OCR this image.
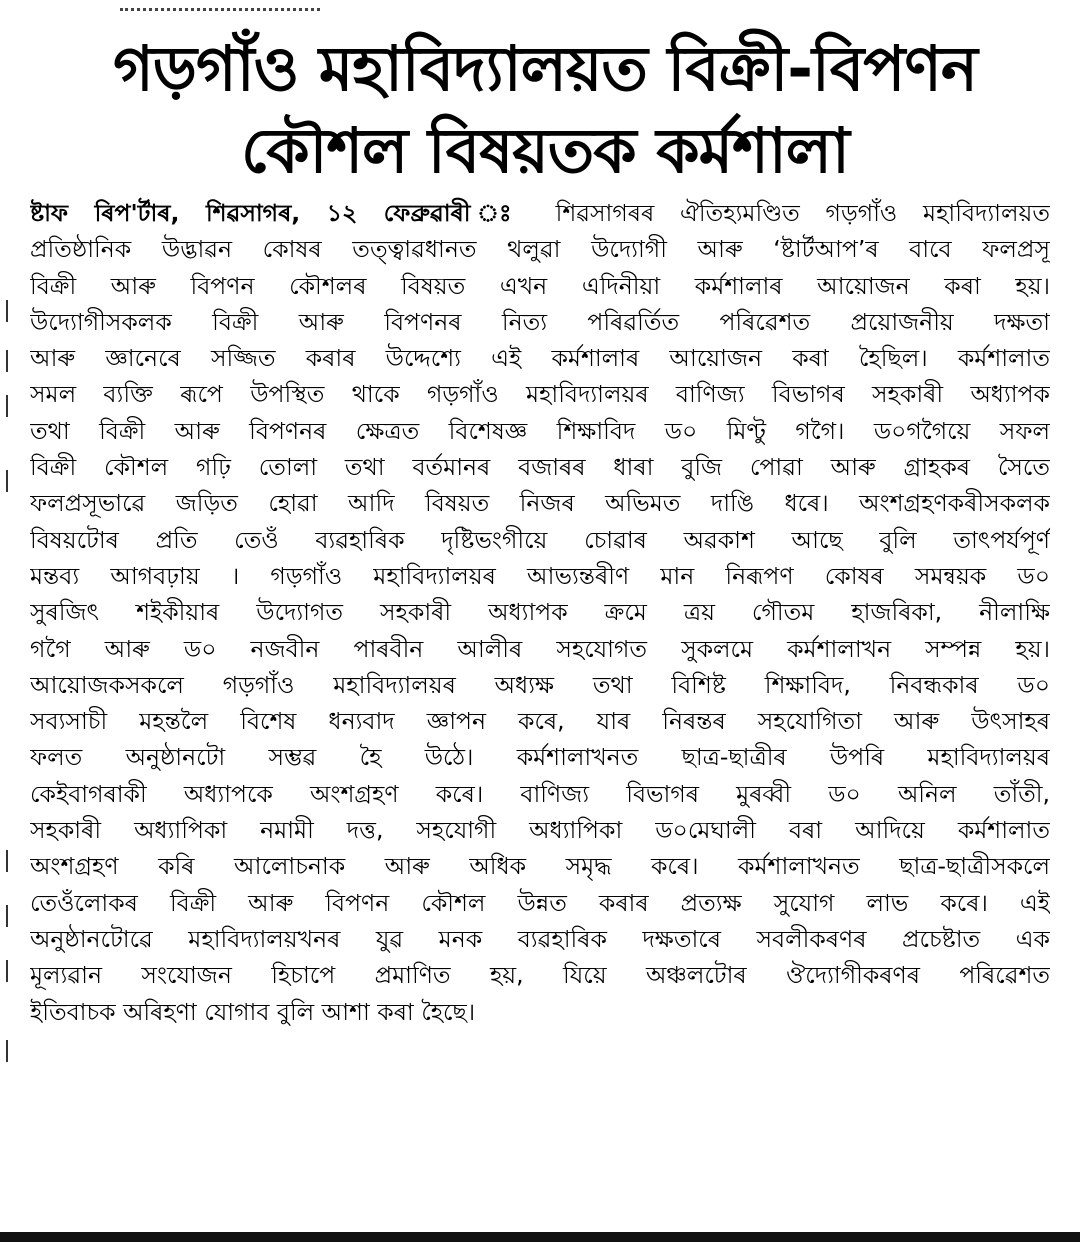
গড়গাঁও মহাবিদ্যালয়ত বিক্ৰী-বিপণন
কৌশল বিষয়তক কৰ্মশালা
ষ্টাফ ৰিপ'ৰ্টাৰ, শিৱসাগৰ, ১২ ফেব্ৰুৱাৰী ঃ শিৱসাগৰৰ ঐতিহ্যমণ্ডিত গড়গাঁও মহাবিদ্যালয়ত
প্ৰতিষ্ঠানিক উদ্ভাৱন কোষৰ তত্ত্বাৱধানত থলুৱা উদ্যোগী আৰু ‘ষ্টাৰ্টআপ’ৰ বাবে ফলপ্ৰসূ
বিক্ৰী আৰু বিপণন কৌশলৰ বিষয়ত এখন এদিনীয়া কৰ্মশালাৰ আয়োজন কৰা হয়।
উদ্যোগীসকলক বিক্ৰী আৰু বিপণনৰ নিত্য পৰিৱৰ্তিত পৰিৱেশত প্ৰয়োজনীয় দক্ষতা
আৰু জ্ঞানেৰে সজ্জিত কৰাৰ উদ্দেশ্যে এই কৰ্মশালাৰ আয়োজন কৰা হৈছিল। কৰ্মশালাত
সমল ব্যক্তি ৰূপে উপস্থিত থাকে গড়গাঁও মহাবিদ্যালয়ৰ বাণিজ্য বিভাগৰ সহকাৰী অধ্যাপক
তথা বিক্ৰী আৰু বিপণনৰ ক্ষেত্ৰত বিশেষজ্ঞ শিক্ষাবিদ ড০ মিণ্টু গগৈ। ড০গগৈয়ে সফল
বিক্ৰী কৌশল গঢ়ি তোলা তথা বৰ্তমানৰ বজাৰৰ ধাৰা বুজি পোৱা আৰু গ্ৰাহকৰ সৈতে
ফলপ্ৰসূভাৱে জড়িত হোৱা আদি বিষয়ত নিজৰ অভিমত দাঙি ধৰে। অংশগ্ৰহণকৰীসকলক
বিষয়টোৰ প্ৰতি তেওঁ ব্যৱহাৰিক দৃষ্টিভংগীয়ে চোৱাৰ অৱকাশ আছে বুলি তাৎপৰ্যপূৰ্ণ
মন্তব্য আগবঢ়ায় । গড়গাঁও মহাবিদ্যালয়ৰ আভ্যন্তৰীণ মান নিৰূপণ কোষৰ সমন্বয়ক ড০
সুৰজিৎ শইকীয়াৰ উদ্যোগত সহকাৰী অধ্যাপক ক্ৰমে ত্ৰয় গৌতম হাজৰিকা, নীলাক্ষি
গগৈ আৰু ড০ নজবীন পাৰবীন আলীৰ সহযোগত সুকলমে কৰ্মশালাখন সম্পন্ন হয়।
আয়োজকসকলে গড়গাঁও মহাবিদ্যালয়ৰ অধ্যক্ষ তথা বিশিষ্ট শিক্ষাবিদ, নিবন্ধকাৰ ড০
সব্যসাচী মহন্তলৈ বিশেষ ধন্যবাদ জ্ঞাপন কৰে, যাৰ নিৰন্তৰ সহযোগিতা আৰু উৎসাহৰ
ফলত অনুষ্ঠানটো সম্ভৱ হৈ উঠে। কৰ্মশালাখনত ছাত্ৰ-ছাত্ৰীৰ উপৰি মহাবিদ্যালয়ৰ
কেইবাগৰাকী অধ্যাপকে অংশগ্ৰহণ কৰে। বাণিজ্য বিভাগৰ মুৰব্বী ড০ অনিল তাঁতী,
সহকাৰী অধ্যাপিকা নমামী দত্ত, সহযোগী অধ্যাপিকা ড০মেঘালী বৰা আদিয়ে কৰ্মশালাত
অংশগ্ৰহণ কৰি আলোচনাক আৰু অধিক সমৃদ্ধ কৰে। কৰ্মশালাখনত ছাত্ৰ-ছাত্ৰীসকলে
তেওঁলোকৰ বিক্ৰী আৰু বিপণন কৌশল উন্নত কৰাৰ প্ৰত্যক্ষ সুযোগ লাভ কৰে। এই
অনুষ্ঠানটোৱে মহাবিদ্যালয়খনৰ যুৱ মনক ব্যৱহাৰিক দক্ষতাৰে সবলীকৰণৰ প্ৰচেষ্টাত এক
মূল্যৱান সংযোজন হিচাপে প্ৰমাণিত হয়, যিয়ে অঞ্চলটোৰ ঔদ্যোগীকৰণৰ পৰিৱেশত
ইতিবাচক অৰিহণা যোগাব বুলি আশা কৰা হৈছে।
